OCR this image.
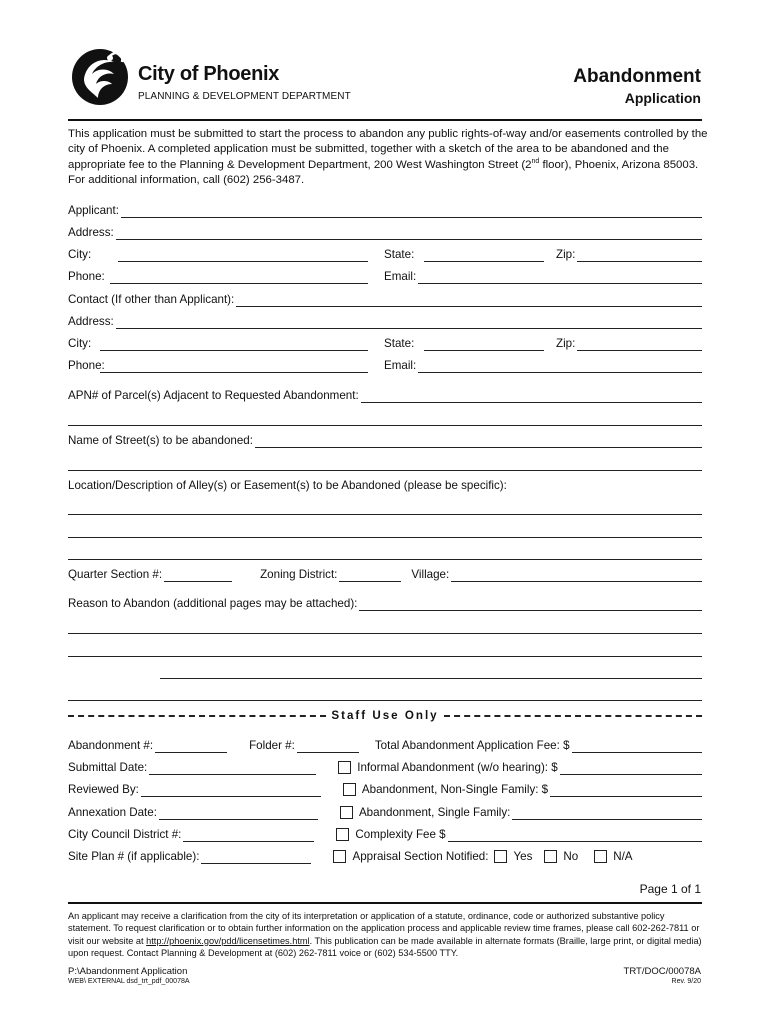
City of Phoenix
PLANNING & DEVELOPMENT DEPARTMENT
Abandonment
Application
This application must be submitted to start the process to abandon any public rights-of-way and/or easements controlled by the city of Phoenix. A completed application must be submitted, together with a sketch of the area to be abandoned and the appropriate fee to the Planning & Development Department, 200 West Washington Street (2nd floor), Phoenix, Arizona 85003. For additional information, call (602) 256-3487.
Applicant:
Address:
City:	State:	Zip:
Phone:	Email:
Contact (If other than Applicant):
Address:
City:	State:	Zip:
Phone:	Email:
APN# of Parcel(s) Adjacent to Requested Abandonment:
Name of Street(s) to be abandoned:
Location/Description of Alley(s) or Easement(s) to be Abandoned (please be specific):
Quarter Section #:	Zoning District:	Village:
Reason to Abandon (additional pages may be attached):
Staff Use Only
Abandonment #:	Folder #:	Total Abandonment Application Fee: $
Submittal Date:	Informal Abandonment (w/o hearing): $
Reviewed By:	Abandonment, Non-Single Family: $
Annexation Date:	Abandonment, Single Family:
City Council District #:	Complexity Fee $
Site Plan # (if applicable):	Appraisal Section Notified: Yes	No	N/A
Page 1 of 1
An applicant may receive a clarification from the city of its interpretation or application of a statute, ordinance, code or authorized substantive policy statement. To request clarification or to obtain further information on the application process and applicable review time frames, please call 602-262-7811 or visit our website at http://phoenix.gov/pdd/licensetimes.html. This publication can be made available in alternate formats (Braille, large print, or digital media) upon request. Contact Planning & Development at (602) 262-7811 voice or (602) 534-5500 TTY.
P:\Abandonment Application
WEB\ EXTERNAL dsd_trt_pdf_00078A
TRT/DOC/00078A
Rev. 9/20
